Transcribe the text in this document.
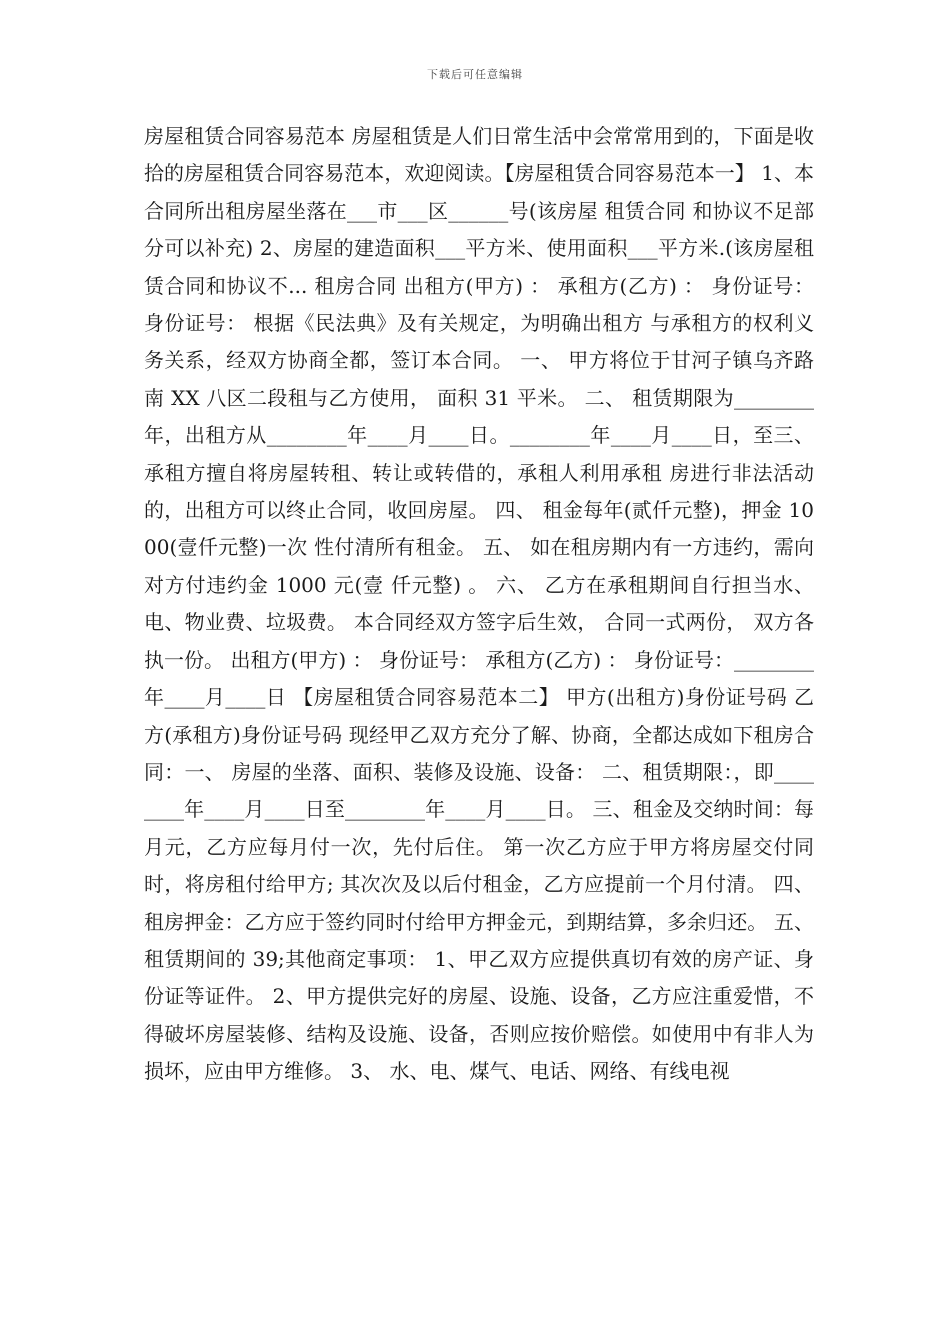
下载后可任意编辑
房屋租赁合同容易范本 房屋租赁是人们日常生活中会常常用到的，下面是收拾的房屋租赁合同容易范本，欢迎阅读。【房屋租赁合同容易范本一】 1、本合同所出租房屋坐落在___市___区______号(该房屋 租赁合同 和协议不足部分可以补充) 2、房屋的建造面积___平方米、使用面积___平方米.(该房屋租赁合同和协议不... 租房合同 出租方(甲方) ： 承租方(乙方) ： 身份证号： 身份证号： 根据《民法典》及有关规定，为明确出租方 与承租方的权利义务关系，经双方协商全都，签订本合同。 一、 甲方将位于甘河子镇乌齐路南 XX 八区二段租与乙方使用， 面积 31 平米。 二、 租赁期限为________年，出租方从________年____月____日。________年____月____日，至三、 承租方擅自将房屋转租、转让或转借的，承租人利用承租 房进行非法活动的，出租方可以终止合同，收回房屋。 四、 租金每年(贰仟元整)，押金 1000(壹仟元整)一次 性付清所有租金。 五、 如在租房期内有一方违约，需向对方付违约金 1000 元(壹 仟元整) 。 六、 乙方在承租期间自行担当水、电、物业费、垃圾费。 本合同经双方签字后生效， 合同一式两份， 双方各执一份。 出租方(甲方) ： 身份证号： 承租方(乙方) ： 身份证号：________年____月____日 【房屋租赁合同容易范本二】 甲方(出租方)身份证号码 乙方(承租方)身份证号码 现经甲乙双方充分了解、协商，全都达成如下租房合同：一、 房屋的坐落、面积、装修及设施、设备： 二、租赁期限：，即________年____月____日至________年____月____日。 三、租金及交纳时间：每月元，乙方应每月付一次，先付后住。 第一次乙方应于甲方将房屋交付同时，将房租付给甲方; 其次次及以后付租金，乙方应提前一个月付清。 四、租房押金：乙方应于签约同时付给甲方押金元，到期结算，多余归还。 五、租赁期间的 39;其他商定事项： 1、甲乙双方应提供真切有效的房产证、身份证等证件。 2、甲方提供完好的房屋、设施、设备，乙方应注重爱惜，不得破坏房屋装修、结构及设施、设备，否则应按价赔偿。如使用中有非人为损坏，应由甲方维修。 3、 水、电、煤气、电话、网络、有线电视
